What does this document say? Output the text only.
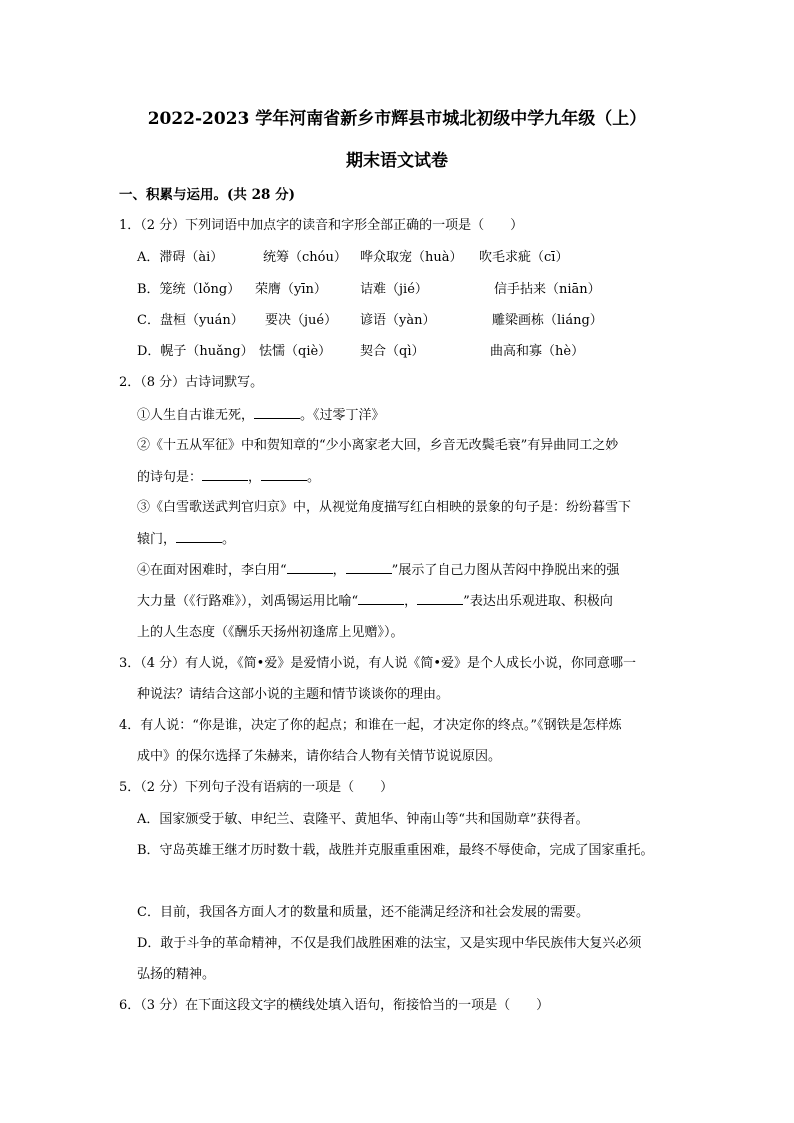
2022-2023 学年河南省新乡市辉县市城北初级中学九年级（上）
期末语文试卷
一、积累与运用。(共 28 分)
1．（2 分）下列词语中加点字的读音和字形全部正确的一项是（　　）
A．滞碍（ài）	统筹（chóu） 哗众取宠（huà） 吹毛求疵（cī）
B．笼统（lǒng） 荣膺（yīn）	诘难（jié）	信手拈来（niān）
C．盘桓（yuán） 要决（jué） 谚语（yàn）	雕梁画栋（liáng）
D．幌子（huǎng） 怯懦（qiè） 契合（qì）	曲高和寡（hè）
2．（8 分）古诗词默写。
①人生自古谁无死，	。《过零丁洋》
②《十五从军征》中和贺知章的“少小离家老大回，乡音无改鬓毛衰”有异曲同工之妙
的诗句是：	，	。
③《白雪歌送武判官归京》中，从视觉角度描写红白相映的景象的句子是：纷纷暮雪下
辕门，	。
④在面对困难时，李白用“	，	”展示了自己力图从苦闷中挣脱出来的强
大力量（《行路难》），刘禹锡运用比喻“	，	”表达出乐观进取、积极向
上的人生态度（《酬乐天扬州初逢席上见赠》）。
3．（4 分）有人说，《简•爱》是爱情小说，有人说《简•爱》是个人成长小说，你同意哪一
种说法？请结合这部小说的主题和情节谈谈你的理由。
4．有人说：“你是谁，决定了你的起点；和谁在一起，才决定你的终点。”《钢铁是怎样炼
成中》的保尔选择了朱赫来，请你结合人物有关情节说说原因。
5．（2 分）下列句子没有语病的一项是（　　）
A．国家颁受于敏、申纪兰、袁隆平、黄旭华、钟南山等“共和国勋章”获得者。
B．守岛英雄王继才历时数十载，战胜并克服重重困难，最终不辱使命，完成了国家重托。
C．目前，我国各方面人才的数量和质量，还不能满足经济和社会发展的需要。
D．敢于斗争的革命精神，不仅是我们战胜困难的法宝，又是实现中华民族伟大复兴必须
弘扬的精神。
6．（3 分）在下面这段文字的横线处填入语句，衔接恰当的一项是（　　）
